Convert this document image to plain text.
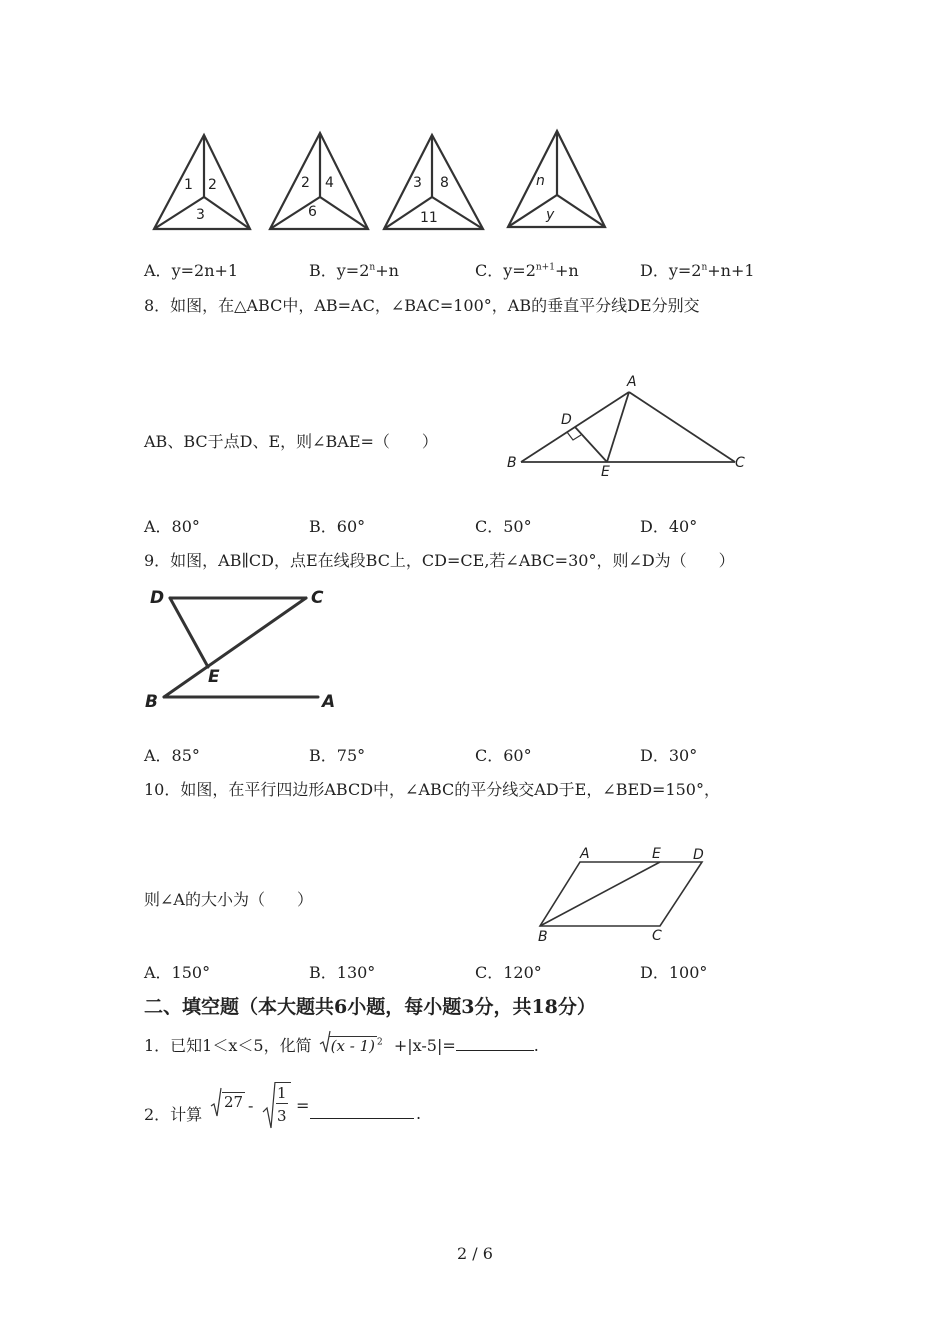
1 2
3
2 4
6
3 8
11
n
y
A．y=2n+1	B．$y=2^n+n$	C．$y=2^{n+1}+n$	D．$y=2^n+n+1$
8．如图，在△ABC中，AB=AC，∠BAC=100°，AB的垂直平分线DE分别交
A
B	C
D
E
AB、BC于点D、E，则∠BAE=（　　）
A．80°	B．60°	C．50°	D．40°
9．如图，AB∥CD，点E在线段BC上，CD=CE,若∠ABC=30°，则∠D为（　　）
D	C
E
B	A
A．85°	B．75°	C．60°	D．30°
10．如图，在平行四边形ABCD中，∠ABC的平分线交AD于E，∠BED=150°，
A	E D
B	C
则∠A的大小为（　　）
A．150°	B．130°	C．120°	D．100°
二、填空题（本大题共6小题，每小题3分，共18分）
1．已知1＜x＜5，化简 (x - 1) $^2$ +|x-5|=	.
2．计算
27 -
1
3
=	.
2 / 6
